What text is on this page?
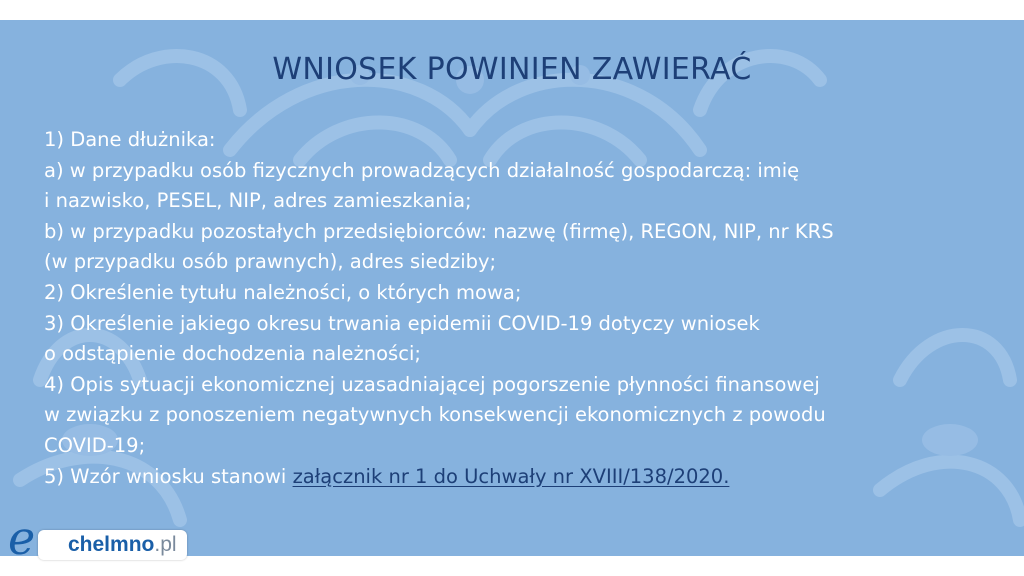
WNIOSEK POWINIEN ZAWIERAĆ
1) Dane dłużnika:
a) w przypadku osób fizycznych prowadzących działalność gospodarczą: imię
i nazwisko, PESEL, NIP, adres zamieszkania;
b) w przypadku pozostałych przedsiębiorców: nazwę (firmę), REGON, NIP, nr KRS
(w przypadku osób prawnych), adres siedziby;
2) Określenie tytułu należności, o których mowa;
3) Określenie jakiego okresu trwania epidemii COVID-19 dotyczy wniosek
o odstąpienie dochodzenia należności;
4) Opis sytuacji ekonomicznej uzasadniającej pogorszenie płynności finansowej
w związku z ponoszeniem negatywnych konsekwencji ekonomicznych z powodu
COVID-19;
5) Wzór wniosku stanowi załącznik nr 1 do Uchwały nr XVIII/138/2020.
chelmno .pl
e
